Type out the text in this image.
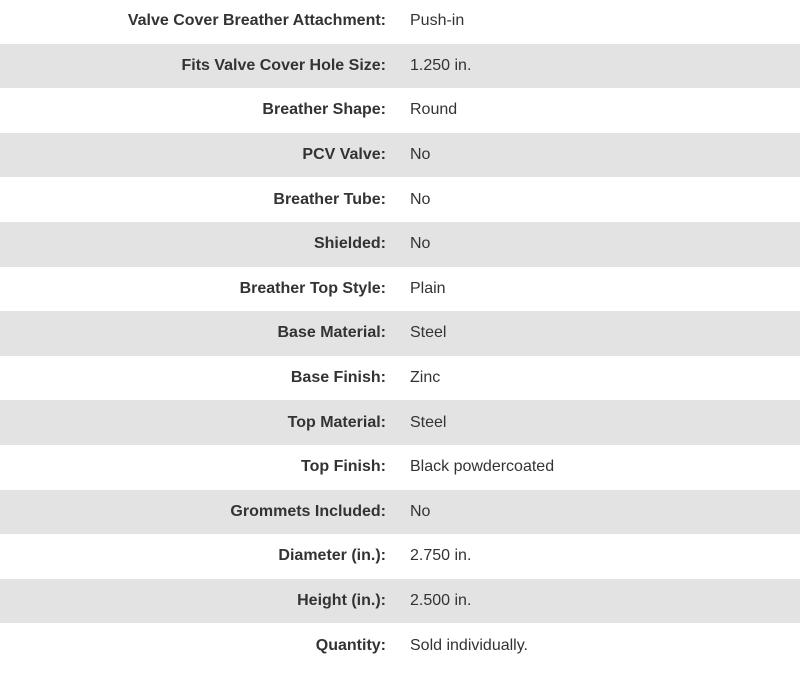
Valve Cover Breather Attachment:	Push-in
Fits Valve Cover Hole Size:	1.250 in.
Breather Shape:	Round
PCV Valve:	No
Breather Tube:	No
Shielded:	No
Breather Top Style:	Plain
Base Material:	Steel
Base Finish:	Zinc
Top Material:	Steel
Top Finish:	Black powdercoated
Grommets Included:	No
Diameter (in.):	2.750 in.
Height (in.):	2.500 in.
Quantity:	Sold individually.
